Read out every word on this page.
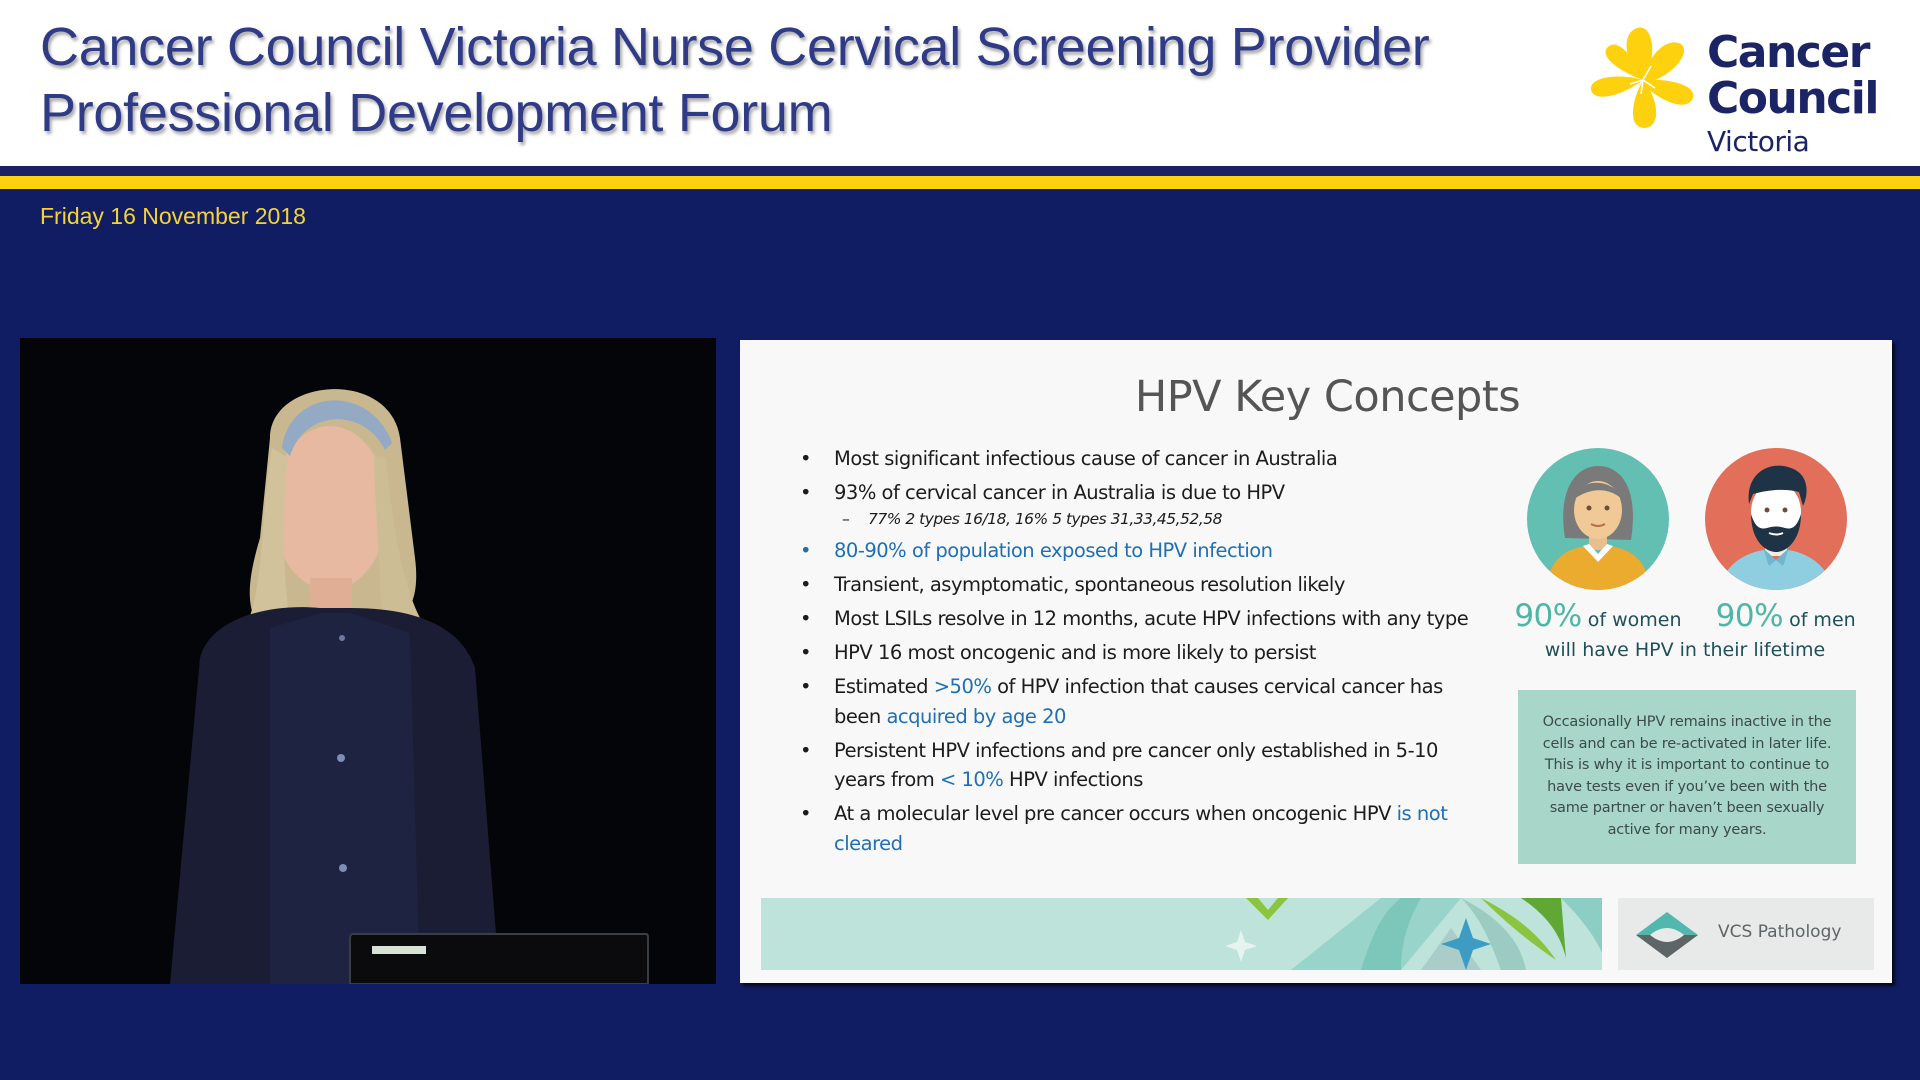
Cancer Council Victoria Nurse Cervical Screening Provider
Professional Development Forum
Cancer
Council
Victoria
Friday 16 November 2018
HPV Key Concepts
• Most significant infectious cause of cancer in Australia
• 93% of cervical cancer in Australia is due to HPV
– 77% 2 types 16/18, 16% 5 types 31,33,45,52,58
• 80-90% of population exposed to HPV infection
• Transient, asymptomatic, spontaneous resolution likely
• Most LSILs resolve in 12 months, acute HPV infections with any type
• HPV 16 most oncogenic and is more likely to persist
• Estimated >50% of HPV infection that causes cervical cancer has been acquired by age 20
• Persistent HPV infections and pre cancer only established in 5-10 years from < 10% HPV infections
• At a molecular level pre cancer occurs when oncogenic HPV is not cleared
90% of women 90% of men
will have HPV in their lifetime
Occasionally HPV remains inactive in the cells and can be re-activated in later life. This is why it is important to continue to have tests even if you’ve been with the same partner or haven’t been sexually active for many years.
VCS Pathology
